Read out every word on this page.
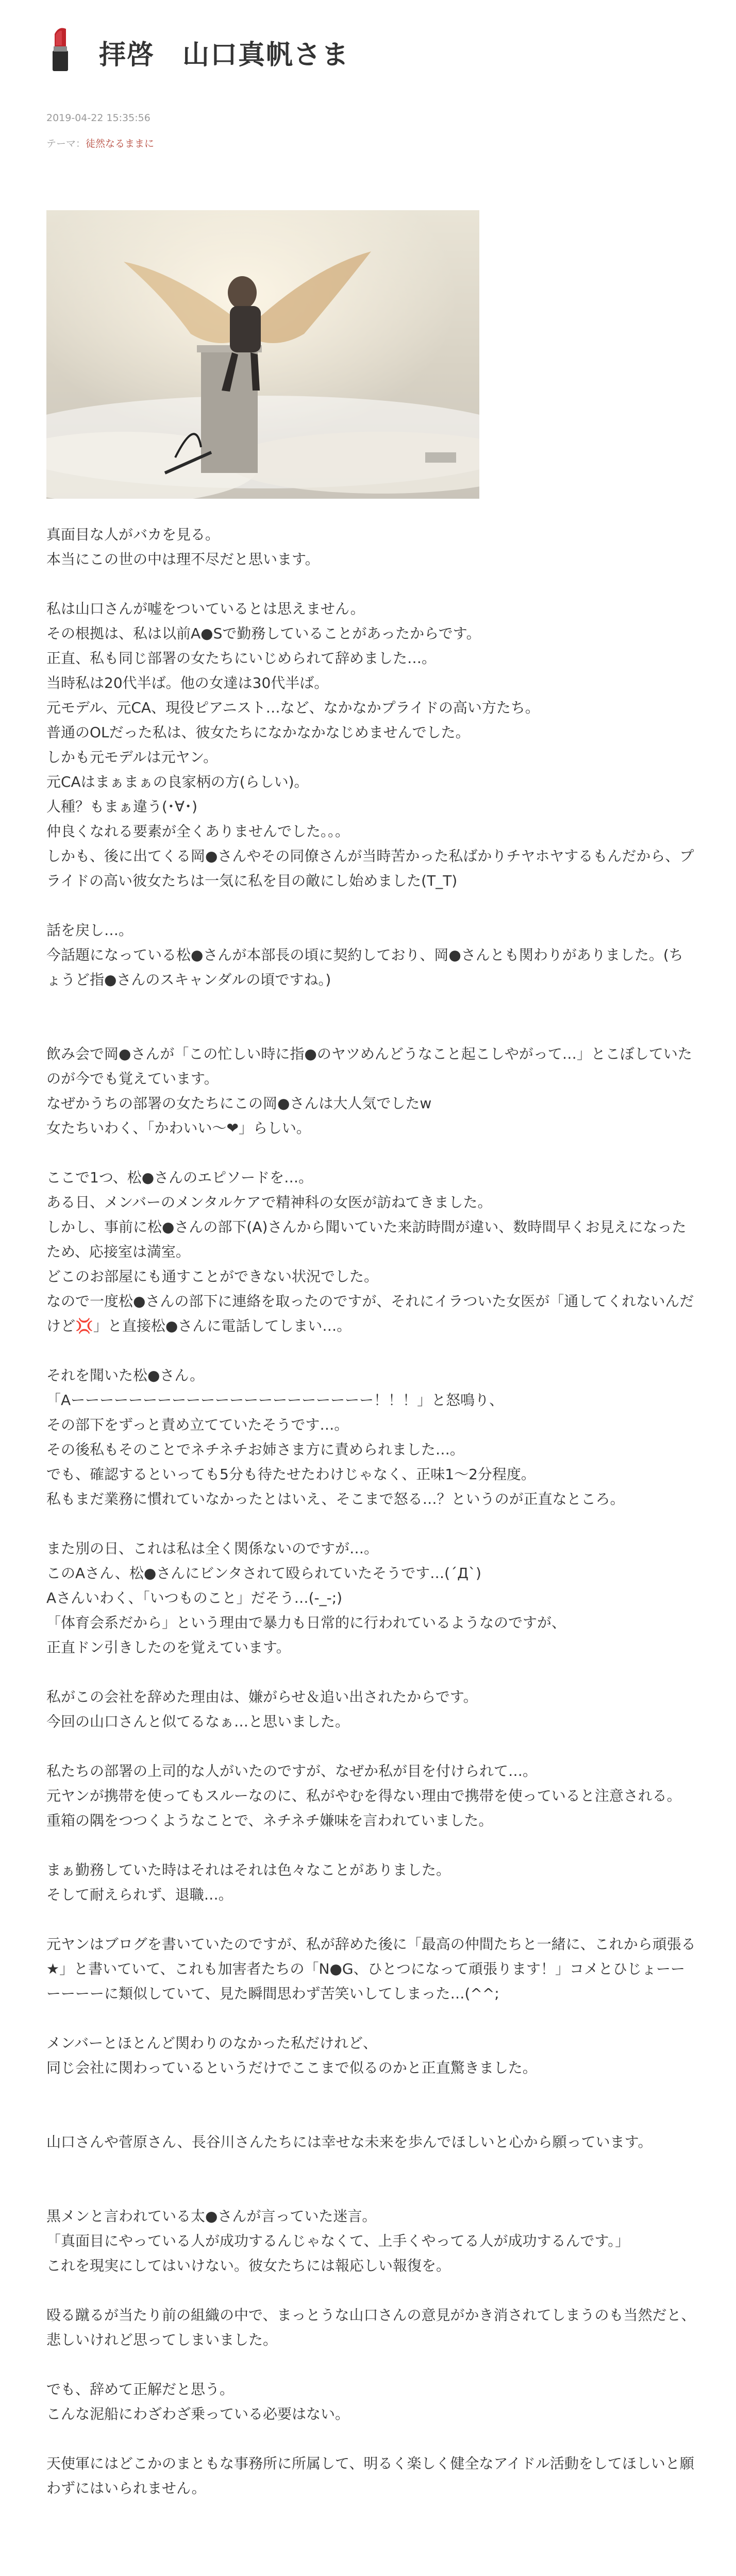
拝啓　山口真帆さま
2019-04-22 15:35:56
テーマ：徒然なるままに
真面目な人がバカを見る。
本当にこの世の中は理不尽だと思います。
私は山口さんが嘘をついているとは思えません。
その根拠は、私は以前A●Sで勤務していることがあったからです。
正直、私も同じ部署の女たちにいじめられて辞めました…。
当時私は20代半ば。他の女達は30代半ば。
元モデル、元CA、現役ピアニスト…など、なかなかプライドの高い方たち。
普通のOLだった私は、彼女たちになかなかなじめませんでした。
しかも元モデルは元ヤン。
元CAはまぁまぁの良家柄の方(らしい)。
人種？もまぁ違う(･∀･)
仲良くなれる要素が全くありませんでした。。。
しかも、後に出てくる岡●さんやその同僚さんが当時苦かった私ばかりチヤホヤするもんだから、プライドの高い彼女たちは一気に私を目の敵にし始めました(T_T)
話を戻し…。
今話題になっている松●さんが本部長の頃に契約しており、岡●さんとも関わりがありました。(ちょうど指●さんのスキャンダルの頃ですね。)
飲み会で岡●さんが「この忙しい時に指●のヤツめんどうなこと起こしやがって…」とこぼしていたのが今でも覚えています。
なぜかうちの部署の女たちにこの岡●さんは大人気でしたw
女たちいわく、「かわいい〜❤」らしい。
ここで1つ、松●さんのエピソードを…。
ある日、メンバーのメンタルケアで精神科の女医が訪ねてきました。
しかし、事前に松●さんの部下(A)さんから聞いていた来訪時間が違い、数時間早くお見えになったため、応接室は満室。
どこのお部屋にも通すことができない状況でした。
なので一度松●さんの部下に連絡を取ったのですが、それにイラついた女医が「通してくれないんだけど💢」と直接松●さんに電話してしまい…。
それを聞いた松●さん。
「Aーーーーーーーーーーーーーーーーーーーーー！！！」と怒鳴り、
その部下をずっと責め立てていたそうです…。
その後私もそのことでネチネチお姉さま方に責められました…。
でも、確認するといっても5分も待たせたわけじゃなく、正味1〜2分程度。
私もまだ業務に慣れていなかったとはいえ、そこまで怒る…？というのが正直なところ。
また別の日、これは私は全く関係ないのですが…。
このAさん、松●さんにビンタされて殴られていたそうです…(´Д`)
Aさんいわく、「いつものこと」だそう…(-_-;)
「体育会系だから」という理由で暴力も日常的に行われているようなのですが、
正直ドン引きしたのを覚えています。
私がこの会社を辞めた理由は、嫌がらせ＆追い出されたからです。
今回の山口さんと似てるなぁ…と思いました。
私たちの部署の上司的な人がいたのですが、なぜか私が目を付けられて…。
元ヤンが携帯を使ってもスルーなのに、私がやむを得ない理由で携帯を使っていると注意される。
重箱の隅をつつくようなことで、ネチネチ嫌味を言われていました。
まぁ勤務していた時はそれはそれは色々なことがありました。
そして耐えられず、退職…。
元ヤンはブログを書いていたのですが、私が辞めた後に「最高の仲間たちと一緒に、これから頑張る★」と書いていて、これも加害者たちの「N●G、ひとつになって頑張ります！」コメとひじょーーーーーーに類似していて、見た瞬間思わず苦笑いしてしまった…(^^;
メンバーとほとんど関わりのなかった私だけれど、
同じ会社に関わっているというだけでここまで似るのかと正直驚きました。
山口さんや菅原さん、長谷川さんたちには幸せな未来を歩んでほしいと心から願っています。
黒メンと言われている太●さんが言っていた迷言。
「真面目にやっている人が成功するんじゃなくて、上手くやってる人が成功するんです。」
これを現実にしてはいけない。彼女たちには報応しい報復を。
殴る蹴るが当たり前の組織の中で、まっとうな山口さんの意見がかき消されてしまうのも当然だと、悲しいけれど思ってしまいました。
でも、辞めて正解だと思う。
こんな泥船にわざわざ乗っている必要はない。
天使軍にはどこかのまともな事務所に所属して、明るく楽しく健全なアイドル活動をしてほしいと願わずにはいられません。
